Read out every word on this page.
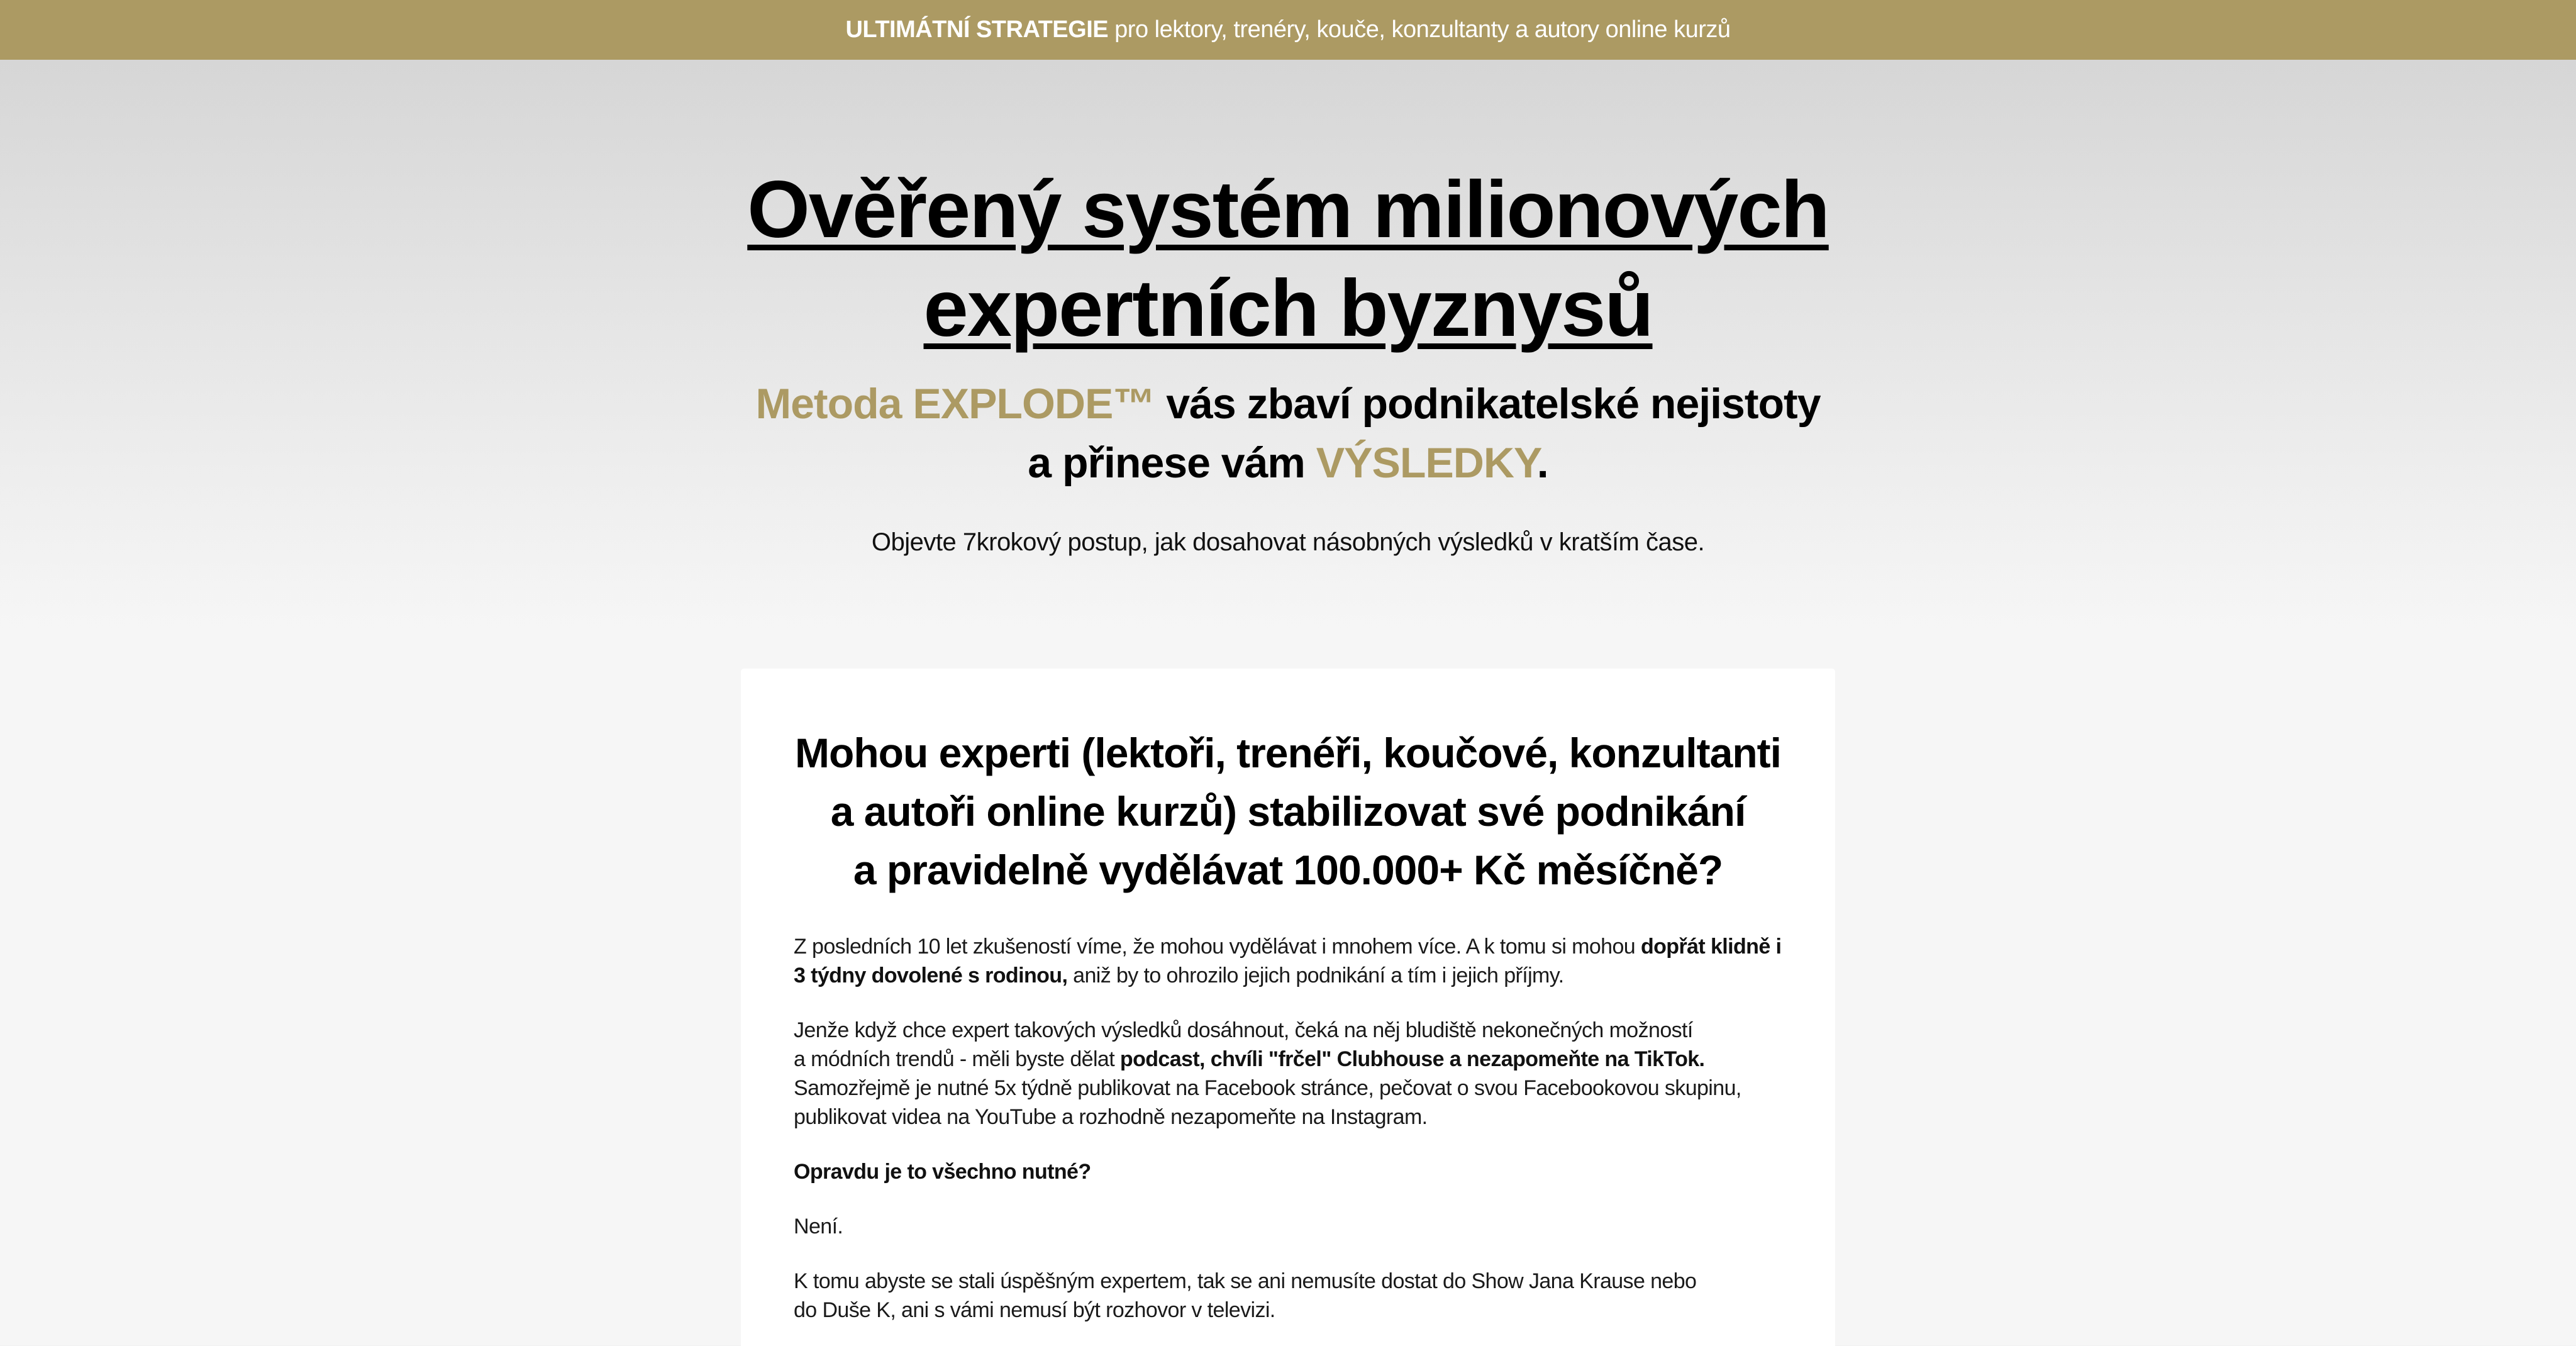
ULTIMÁTNÍ STRATEGIE pro lektory, trenéry, kouče, konzultanty a autory online kurzů
Ověřený systém milionových
expertních byznysů
Metoda EXPLODE™ vás zbaví podnikatelské nejistoty
a přinese vám VÝSLEDKY.

Objevte 7krokový postup, jak dosahovat násobných výsledků v kratším čase.

Mohou experti (lektoři, trenéři, koučové, konzultanti
a autoři online kurzů) stabilizovat své podnikání
a pravidelně vydělávat 100.000+ Kč měsíčně?

Z posledních 10 let zkušeností víme, že mohou vydělávat i mnohem více. A k tomu si mohou dopřát klidně i 3 týdny dovolené s rodinou, aniž by to ohrozilo jejich podnikání a tím i jejich příjmy.

Jenže když chce expert takových výsledků dosáhnout, čeká na něj bludiště nekonečných možností
a módních trendů - měli byste dělat podcast, chvíli "frčel" Clubhouse a nezapomeňte na TikTok.
Samozřejmě je nutné 5x týdně publikovat na Facebook stránce, pečovat o svou Facebookovou skupinu, publikovat videa na YouTube a rozhodně nezapomeňte na Instagram.

Opravdu je to všechno nutné?

Není.

K tomu abyste se stali úspěšným expertem, tak se ani nemusíte dostat do Show Jana Krause nebo
do Duše K, ani s vámi nemusí být rozhovor v televizi.
